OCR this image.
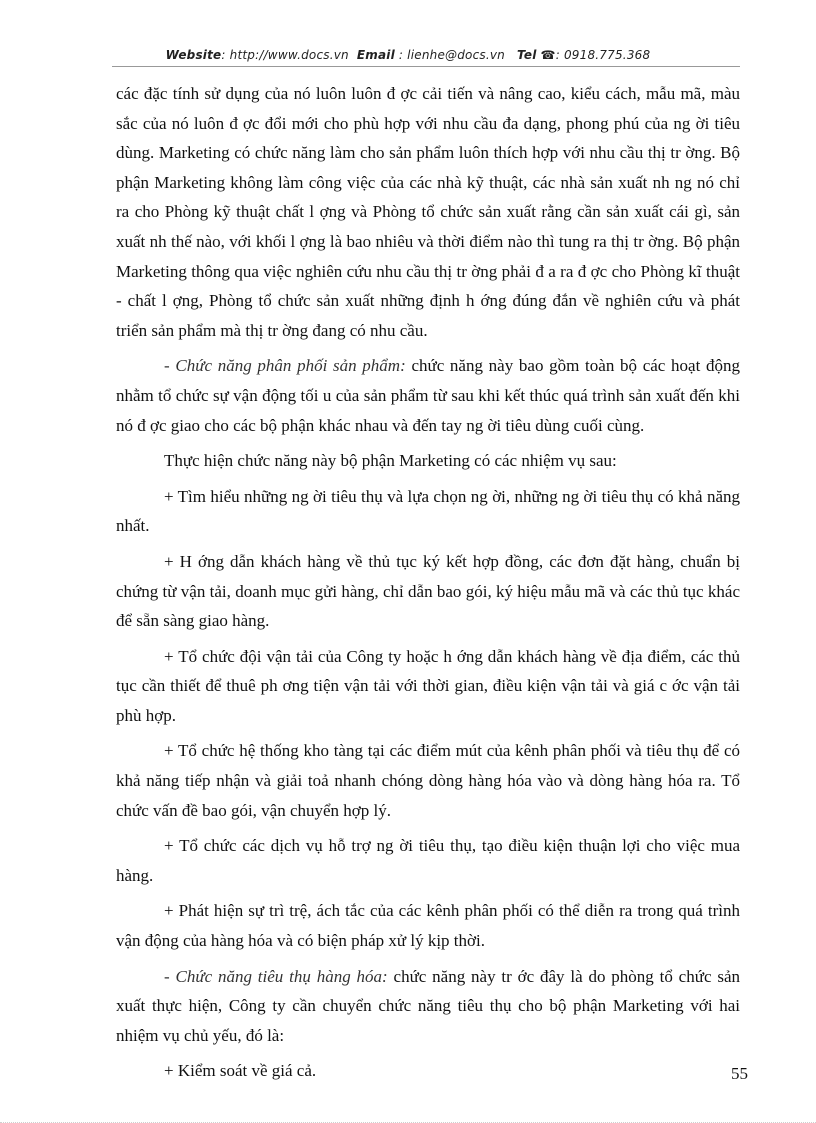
Website: http://www.docs.vn Email : lienhe@docs.vn Tel ☎: 0918.775.368

các đặc tính sử dụng của nó luôn luôn đ ợc cải tiến và nâng cao, kiểu cách, mẫu mã, màu sắc của nó luôn đ ợc đổi mới cho phù hợp với nhu cầu đa dạng, phong phú của ng ời tiêu dùng. Marketing có chức năng làm cho sản phẩm luôn thích hợp với nhu cầu thị tr ờng. Bộ phận Marketing không làm công việc của các nhà kỹ thuật, các nhà sản xuất nh ng nó chỉ ra cho Phòng kỹ thuật chất l ợng và Phòng tổ chức sản xuất rằng cần sản xuất cái gì, sản xuất nh thế nào, với khối l ợng là bao nhiêu và thời điểm nào thì tung ra thị tr ờng. Bộ phận Marketing thông qua việc nghiên cứu nhu cầu thị tr ờng phải đ a ra đ ợc cho Phòng kĩ thuật - chất l ợng, Phòng tổ chức sản xuất những định h ớng đúng đắn về nghiên cứu và phát triển sản phẩm mà thị tr ờng đang có nhu cầu.

- Chức năng phân phối sản phẩm: chức năng này bao gồm toàn bộ các hoạt động nhằm tổ chức sự vận động tối u của sản phẩm từ sau khi kết thúc quá trình sản xuất đến khi nó đ ợc giao cho các bộ phận khác nhau và đến tay ng ời tiêu dùng cuối cùng.

Thực hiện chức năng này bộ phận Marketing có các nhiệm vụ sau:

+ Tìm hiểu những ng ời tiêu thụ và lựa chọn ng ời, những ng ời tiêu thụ có khả năng nhất.

+ H ớng dẫn khách hàng về thủ tục ký kết hợp đồng, các đơn đặt hàng, chuẩn bị chứng từ vận tải, doanh mục gửi hàng, chỉ dẫn bao gói, ký hiệu mẫu mã và các thủ tục khác để sẵn sàng giao hàng.

+ Tổ chức đội vận tải của Công ty hoặc h ớng dẫn khách hàng về địa điểm, các thủ tục cần thiết để thuê ph ơng tiện vận tải với thời gian, điều kiện vận tải và giá c ớc vận tải phù hợp.

+ Tổ chức hệ thống kho tàng tại các điểm mút của kênh phân phối và tiêu thụ để có khả năng tiếp nhận và giải toả nhanh chóng dòng hàng hóa vào và dòng hàng hóa ra. Tổ chức vấn đề bao gói, vận chuyển hợp lý.

+ Tổ chức các dịch vụ hỗ trợ ng ời tiêu thụ, tạo điều kiện thuận lợi cho việc mua hàng.

+ Phát hiện sự trì trệ, ách tắc của các kênh phân phối có thể diễn ra trong quá trình vận động của hàng hóa và có biện pháp xử lý kịp thời.

- Chức năng tiêu thụ hàng hóa: chức năng này tr ớc đây là do phòng tổ chức sản xuất thực hiện, Công ty cần chuyển chức năng tiêu thụ cho bộ phận Marketing với hai nhiệm vụ chủ yếu, đó là:

+ Kiểm soát về giá cả.	55
